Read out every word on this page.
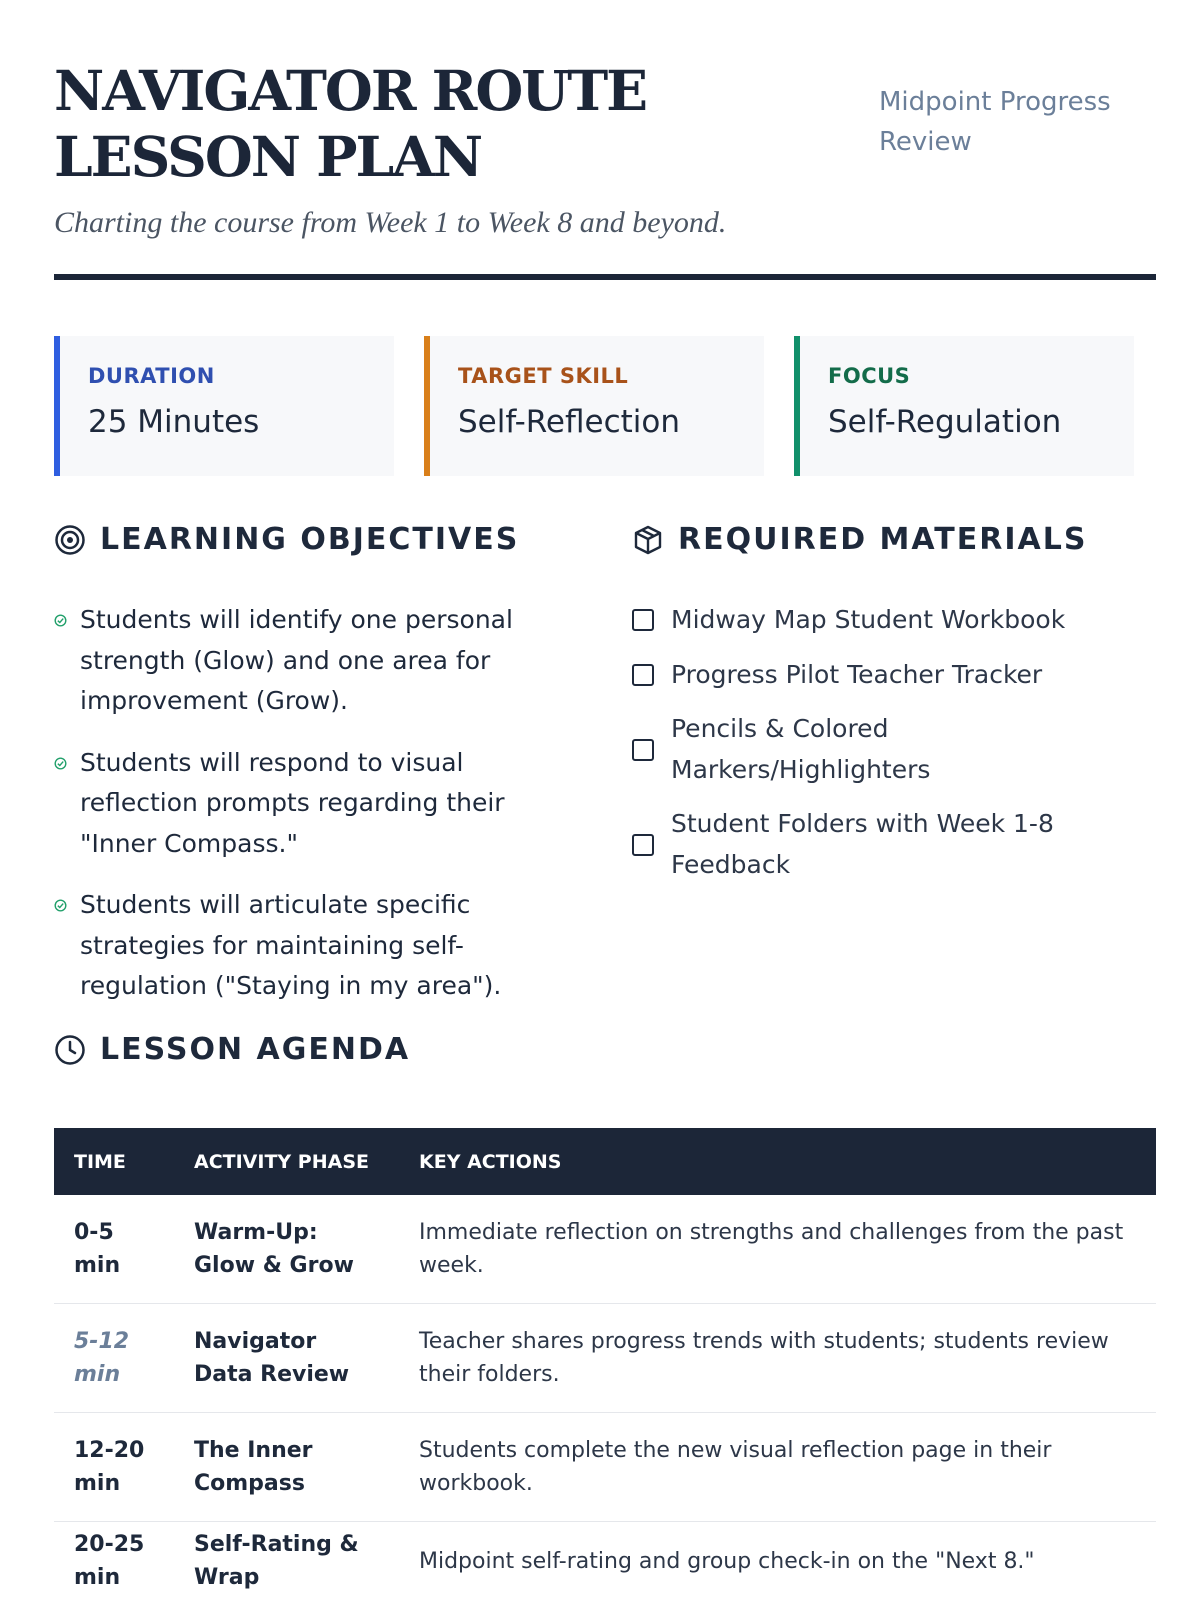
NAVIGATOR ROUTE LESSON PLAN
Midpoint Progress Review
Charting the course from Week 1 to Week 8 and beyond.
DURATION
25 Minutes
TARGET SKILL
Self-Reflection
FOCUS
Self-Regulation
LEARNING OBJECTIVES
Students will identify one personal strength (Glow) and one area for improvement (Grow).
Students will respond to visual reflection prompts regarding their "Inner Compass."
Students will articulate specific strategies for maintaining self-regulation ("Staying in my area").
REQUIRED MATERIALS
Midway Map Student Workbook
Progress Pilot Teacher Tracker
Pencils & Colored Markers/Highlighters
Student Folders with Week 1-8 Feedback
LESSON AGENDA
TIME	ACTIVITY PHASE	KEY ACTIONS
0-5 min	Warm-Up: Glow & Grow	Immediate reflection on strengths and challenges from the past week.
5-12 min	Navigator Data Review	Teacher shares progress trends with students; students review their folders.
12-20 min	The Inner Compass	Students complete the new visual reflection page in their workbook.
20-25 min	Self-Rating & Wrap	Midpoint self-rating and group check-in on the "Next 8."
